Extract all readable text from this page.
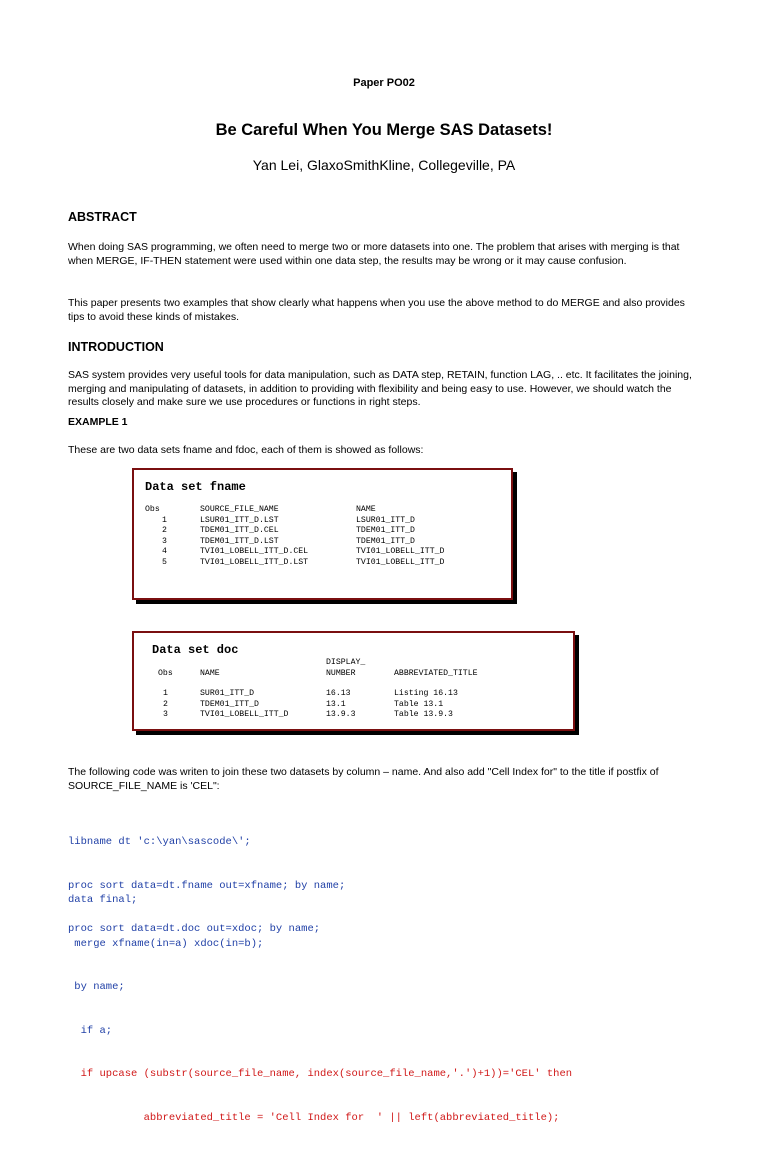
Paper PO02
Be Careful When You Merge SAS Datasets!
Yan Lei, GlaxoSmithKline, Collegeville, PA
ABSTRACT

When doing SAS programming, we often need to merge two or more datasets into one. The problem that arises with merging is that when MERGE, IF-THEN statement were used within one data step, the results may be wrong or it may cause confusion.

This paper presents two examples that show clearly what happens when you use the above method to do MERGE and also provides tips to avoid these kinds of mistakes.

INTRODUCTION

SAS system provides very useful tools for data manipulation, such as DATA step, RETAIN, function LAG, .. etc. It facilitates the joining, merging and manipulating of datasets, in addition to providing with flexibility and being easy to use. However, we should watch the results closely and make sure we use procedures or functions in right steps.

EXAMPLE 1

These are two data sets fname and fdoc, each of them is showed as follows:

Data set fname
Obs	SOURCE_FILE_NAME	NAME
1	LSUR01_ITT_D.LST	LSUR01_ITT_D
2	TDEM01_ITT_D.CEL	TDEM01_ITT_D
3	TDEM01_ITT_D.LST	TDEM01_ITT_D
4	TVI01_LOBELL_ITT_D.CEL	TVI01_LOBELL_ITT_D
5	TVI01_LOBELL_ITT_D.LST	TVI01_LOBELL_ITT_D
Data set doc
DISPLAY_
Obs	NAME	NUMBER	ABBREVIATED_TITLE
1	SUR01_ITT_D	16.13	Listing 16.13
2	TDEM01_ITT_D	13.1	Table 13.1
3	TVI01_LOBELL_ITT_D	13.9.3	Table 13.9.3

The following code was writen to join these two datasets by column – name. And also add "Cell Index for" to the title if postfix of SOURCE_FILE_NAME is 'CEL":

libname dt 'c:\yan\sascode\';

proc sort data=dt.fname out=xfname; by name;

proc sort data=dt.doc out=xdoc; by name;

data final;

merge xfname(in=a) xdoc(in=b);

by name;

if a;

if upcase (substr(source_file_name, index(source_file_name,'.')+1))='CEL' then

abbreviated_title = 'Cell Index for  ' || left(abbreviated_title);
